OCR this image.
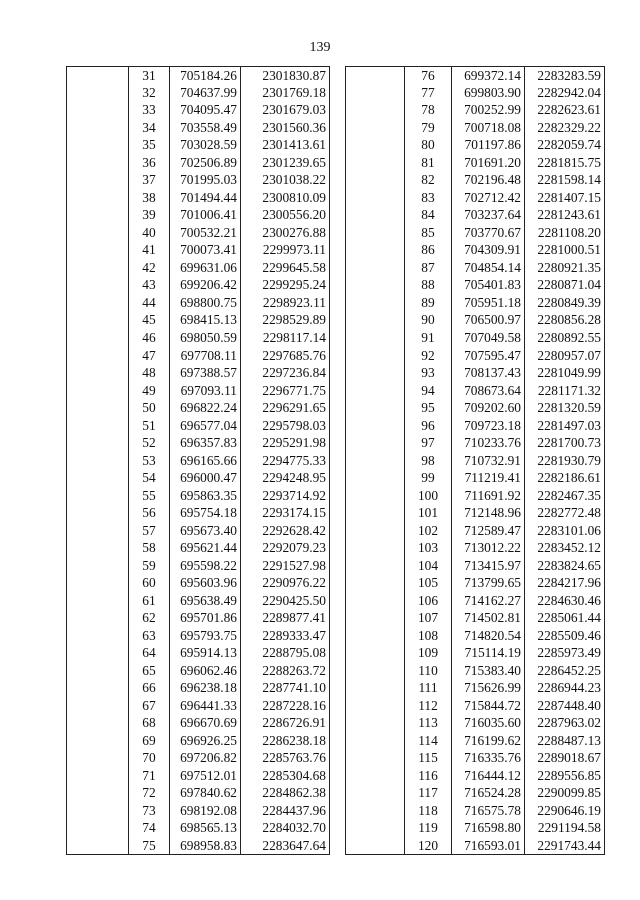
139
	31	705184.26	2301830.87			76	699372.14	2283283.59
	32	704637.99	2301769.18			77	699803.90	2282942.04
	33	704095.47	2301679.03			78	700252.99	2282623.61
	34	703558.49	2301560.36			79	700718.08	2282329.22
	35	703028.59	2301413.61			80	701197.86	2282059.74
	36	702506.89	2301239.65			81	701691.20	2281815.75
	37	701995.03	2301038.22			82	702196.48	2281598.14
	38	701494.44	2300810.09			83	702712.42	2281407.15
	39	701006.41	2300556.20			84	703237.64	2281243.61
	40	700532.21	2300276.88			85	703770.67	2281108.20
	41	700073.41	2299973.11			86	704309.91	2281000.51
	42	699631.06	2299645.58			87	704854.14	2280921.35
	43	699206.42	2299295.24			88	705401.83	2280871.04
	44	698800.75	2298923.11			89	705951.18	2280849.39
	45	698415.13	2298529.89			90	706500.97	2280856.28
	46	698050.59	2298117.14			91	707049.58	2280892.55
	47	697708.11	2297685.76			92	707595.47	2280957.07
	48	697388.57	2297236.84			93	708137.43	2281049.99
	49	697093.11	2296771.75			94	708673.64	2281171.32
	50	696822.24	2296291.65			95	709202.60	2281320.59
	51	696577.04	2295798.03			96	709723.18	2281497.03
	52	696357.83	2295291.98			97	710233.76	2281700.73
	53	696165.66	2294775.33			98	710732.91	2281930.79
	54	696000.47	2294248.95			99	711219.41	2282186.61
	55	695863.35	2293714.92			100	711691.92	2282467.35
	56	695754.18	2293174.15			101	712148.96	2282772.48
	57	695673.40	2292628.42			102	712589.47	2283101.06
	58	695621.44	2292079.23			103	713012.22	2283452.12
	59	695598.22	2291527.98			104	713415.97	2283824.65
	60	695603.96	2290976.22			105	713799.65	2284217.96
	61	695638.49	2290425.50			106	714162.27	2284630.46
	62	695701.86	2289877.41			107	714502.81	2285061.44
	63	695793.75	2289333.47			108	714820.54	2285509.46
	64	695914.13	2288795.08			109	715114.19	2285973.49
	65	696062.46	2288263.72			110	715383.40	2286452.25
	66	696238.18	2287741.10			111	715626.99	2286944.23
	67	696441.33	2287228.16			112	715844.72	2287448.40
	68	696670.69	2286726.91			113	716035.60	2287963.02
	69	696926.25	2286238.18			114	716199.62	2288487.13
	70	697206.82	2285763.76			115	716335.76	2289018.67
	71	697512.01	2285304.68			116	716444.12	2289556.85
	72	697840.62	2284862.38			117	716524.28	2290099.85
	73	698192.08	2284437.96			118	716575.78	2290646.19
	74	698565.13	2284032.70			119	716598.80	2291194.58
	75	698958.83	2283647.64			120	716593.01	2291743.44
